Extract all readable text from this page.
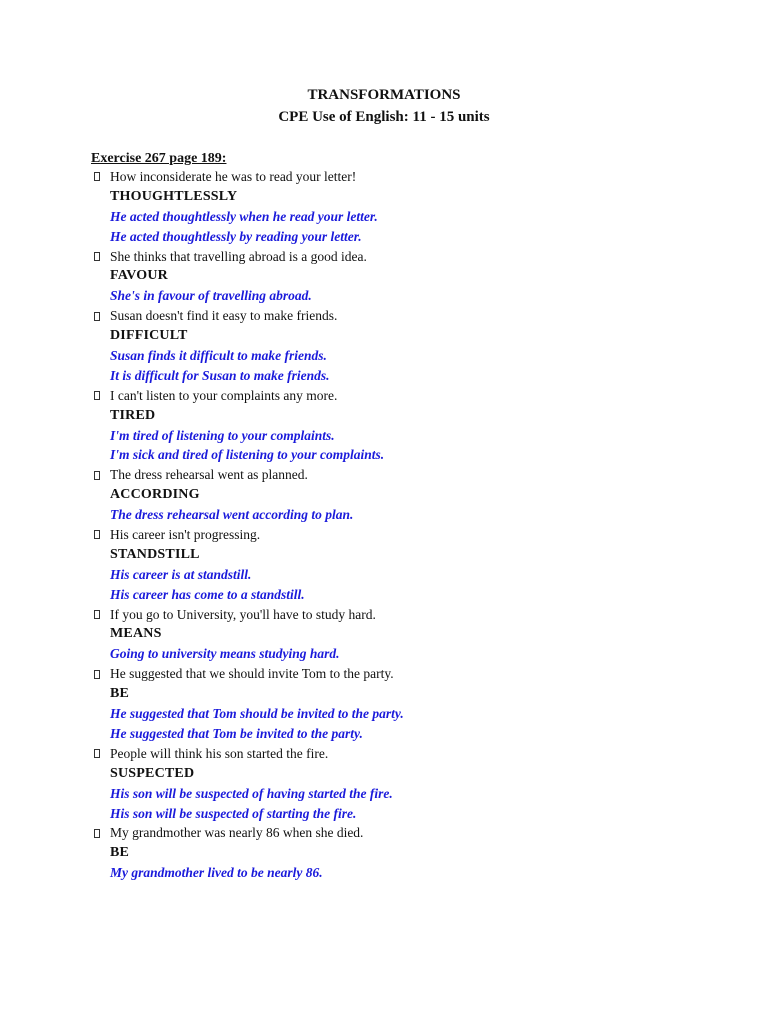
TRANSFORMATIONS
CPE Use of English: 11 - 15 units
Exercise 267 page 189:
How inconsiderate he was to read your letter!
THOUGHTLESSLY
He acted thoughtlessly when he read your letter.
He acted thoughtlessly by reading your letter.
She thinks that travelling abroad is a good idea.
FAVOUR
She's in favour of travelling abroad.
Susan doesn't find it easy to make friends.
DIFFICULT
Susan finds it difficult to make friends.
It is difficult for Susan to make friends.
I can't listen to your complaints any more.
TIRED
I'm tired of listening to your complaints.
I'm sick and tired of listening to your complaints.
The dress rehearsal went as planned.
ACCORDING
The dress rehearsal went according to plan.
His career isn't progressing.
STANDSTILL
His career is at standstill.
His career has come to a standstill.
If you go to University, you'll have to study hard.
MEANS
Going to university means studying hard.
He suggested that we should invite Tom to the party.
BE
He suggested that Tom should be invited to the party.
He suggested that Tom be invited to the party.
People will think his son started the fire.
SUSPECTED
His son will be suspected of having started the fire.
His son will be suspected of starting the fire.
My grandmother was nearly 86 when she died.
BE
My grandmother lived to be nearly 86.
